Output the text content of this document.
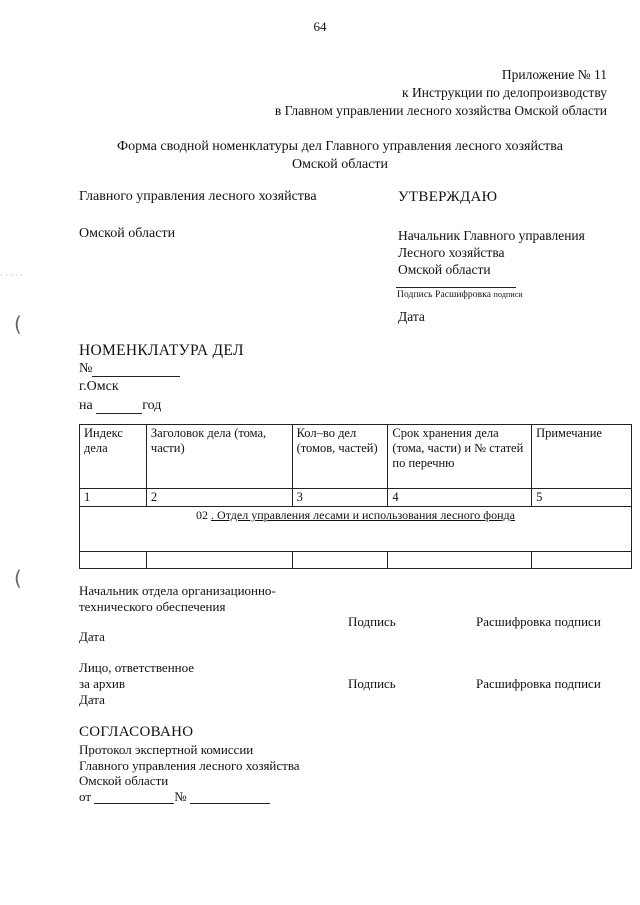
64
Приложение № 11
к Инструкции по делопроизводству
в Главном управлении лесного хозяйства Омской области
Форма сводной номенклатуры дел Главного управления лесного хозяйства
Омской области
Главного управления лесного хозяйства
Омской области
УТВЕРЖДАЮ
Начальник Главного управления
Лесного хозяйства
Омской области
Подпись Расшифровка подписи
Дата
(
(
·····
НОМЕНКЛАТУРА ДЕЛ
№
г.Омск
на	год
Индекс дела	Заголовок дела (тома, части)	Кол–во дел (томов, частей)	Срок хранения дела (тома, части) и № статей по перечню	Примечание
1	2	3	4	5
02 . Отдел управления лесами и использования лесного фонда				

Начальник отдела организационно-
технического обеспечения
Подпись	Расшифровка подписи
Дата
Лицо, ответственное
за архив
Дата
Подпись	Расшифровка подписи
СОГЛАСОВАНО
Протокол экспертной комиссии
Главного управления лесного хозяйства
Омской области
от	№
